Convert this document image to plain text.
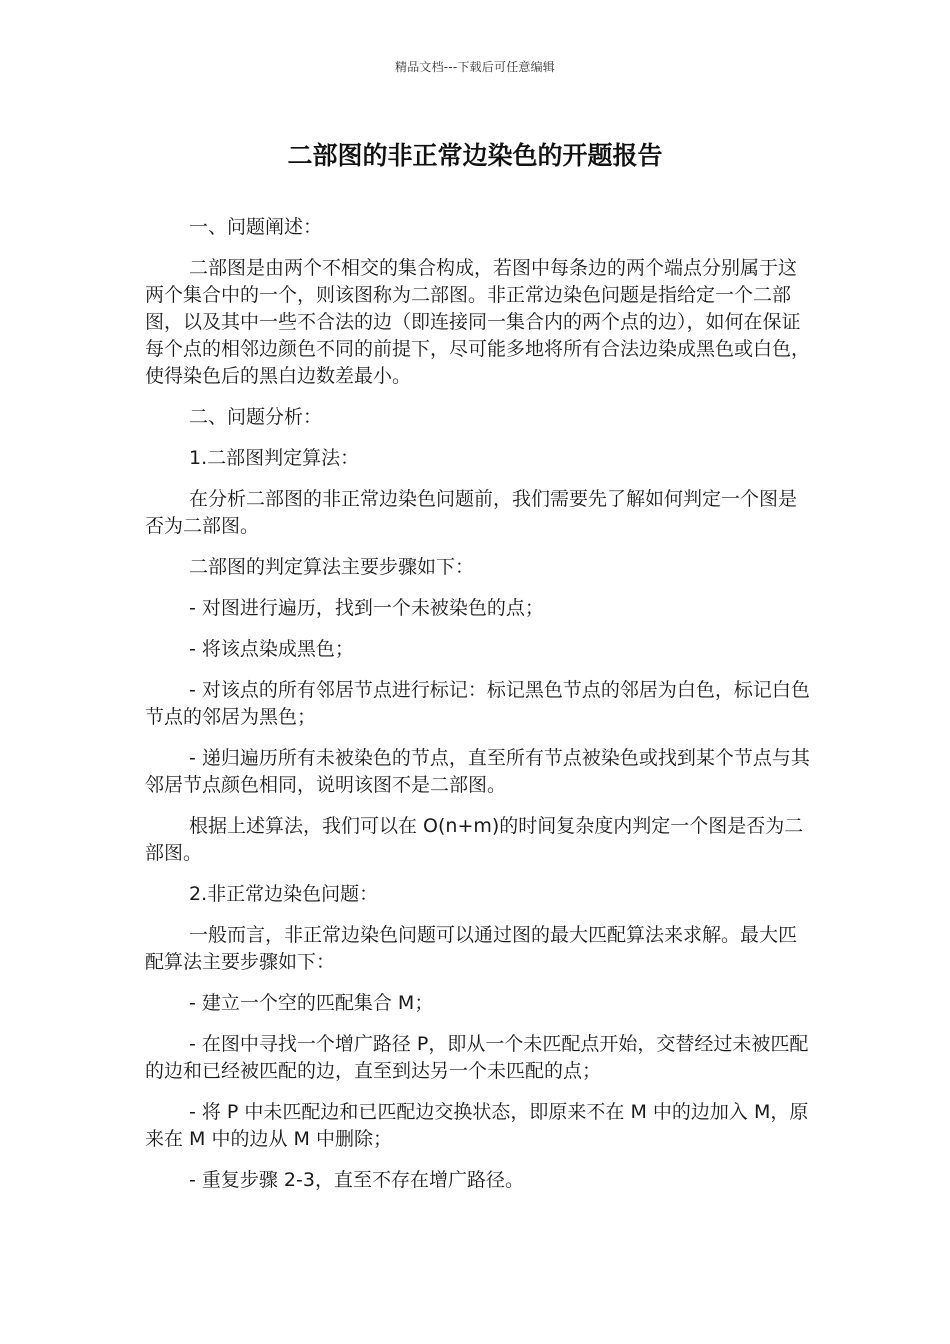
精品文档---下载后可任意编辑
二部图的非正常边染色的开题报告

一、问题阐述：

二部图是由两个不相交的集合构成，若图中每条边的两个端点分别属于这两个集合中的一个，则该图称为二部图。非正常边染色问题是指给定一个二部图，以及其中一些不合法的边（即连接同一集合内的两个点的边），如何在保证每个点的相邻边颜色不同的前提下，尽可能多地将所有合法边染成黑色或白色，使得染色后的黑白边数差最小。

二、问题分析：

1.二部图判定算法：

在分析二部图的非正常边染色问题前，我们需要先了解如何判定一个图是否为二部图。

二部图的判定算法主要步骤如下：

- 对图进行遍历，找到一个未被染色的点；

- 将该点染成黑色；

- 对该点的所有邻居节点进行标记：标记黑色节点的邻居为白色，标记白色节点的邻居为黑色；

- 递归遍历所有未被染色的节点，直至所有节点被染色或找到某个节点与其邻居节点颜色相同，说明该图不是二部图。

根据上述算法，我们可以在 O(n+m)的时间复杂度内判定一个图是否为二部图。

2.非正常边染色问题：

一般而言，非正常边染色问题可以通过图的最大匹配算法来求解。最大匹配算法主要步骤如下：

- 建立一个空的匹配集合 M；

- 在图中寻找一个增广路径 P，即从一个未匹配点开始，交替经过未被匹配的边和已经被匹配的边，直至到达另一个未匹配的点；

- 将 P 中未匹配边和已匹配边交换状态，即原来不在 M 中的边加入 M，原来在 M 中的边从 M 中删除；

- 重复步骤 2-3，直至不存在增广路径。
